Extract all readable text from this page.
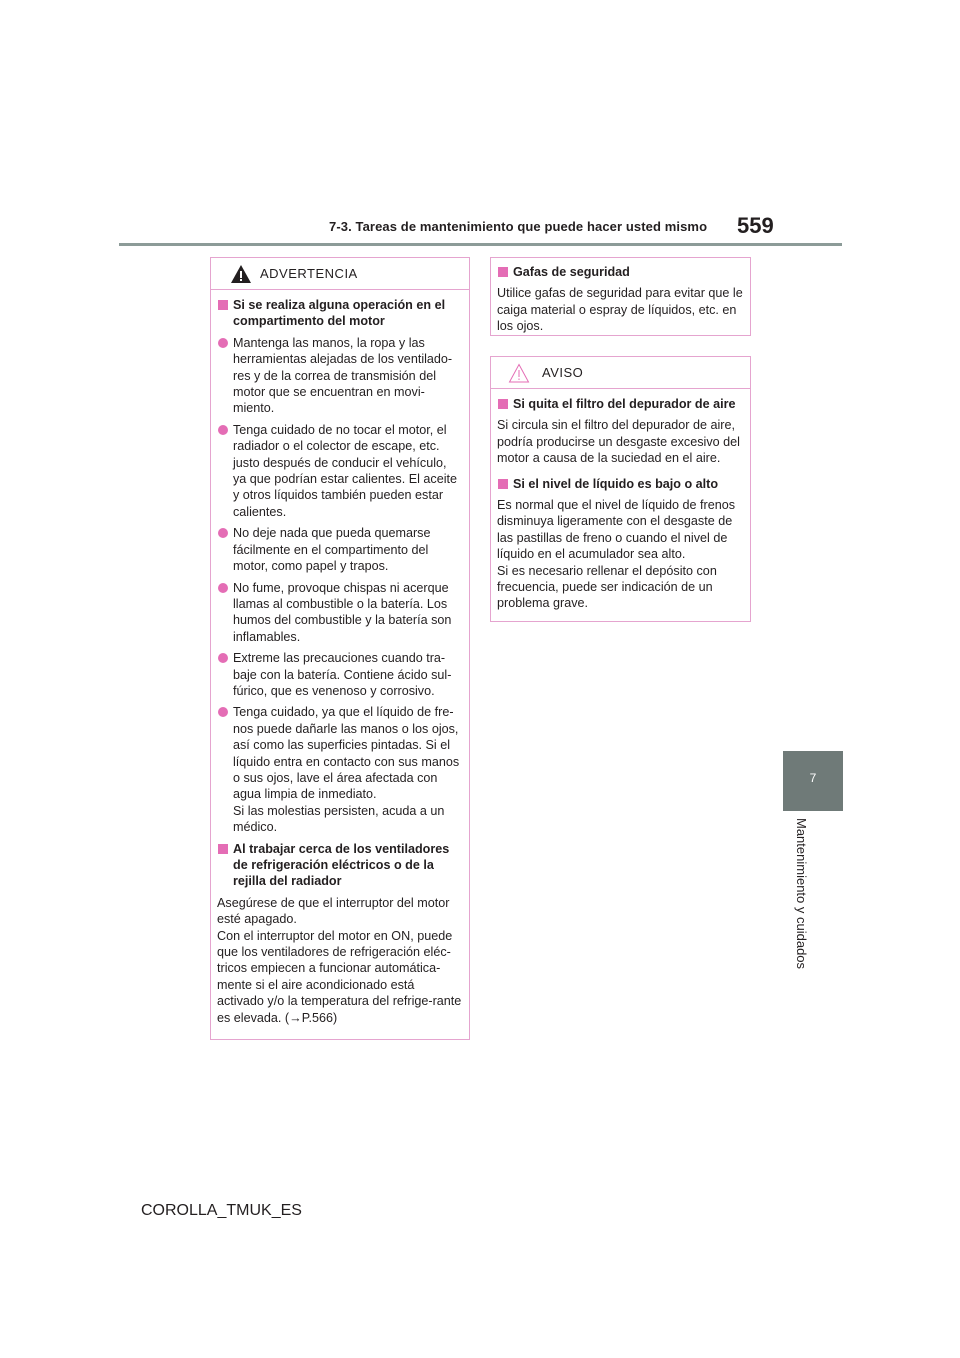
7-3. Tareas de mantenimiento que puede hacer usted mismo 559
7
Mantenimiento y cuidados
ADVERTENCIA
Si se realiza alguna operación en el compartimento del motor
Mantenga las manos, la ropa y las herramientas alejadas de los ventilado-res y de la correa de transmisión del motor que se encuentran en movi-miento.
Tenga cuidado de no tocar el motor, el radiador o el colector de escape, etc. justo después de conducir el vehículo, ya que podrían estar calientes. El aceite y otros líquidos también pueden estar calientes.
No deje nada que pueda quemarse fácilmente en el compartimento del motor, como papel y trapos.
No fume, provoque chispas ni acerque llamas al combustible o la batería. Los humos del combustible y la batería son inflamables.
Extreme las precauciones cuando tra-baje con la batería. Contiene ácido sul-fúrico, que es venenoso y corrosivo.
Tenga cuidado, ya que el líquido de fre-nos puede dañarle las manos o los ojos, así como las superficies pintadas. Si el líquido entra en contacto con sus manos o sus ojos, lave el área afectada con agua limpia de inmediato.
Si las molestias persisten, acuda a un médico.
Al trabajar cerca de los ventiladores de refrigeración eléctricos o de la rejilla del radiador
Asegúrese de que el interruptor del motor esté apagado.
Con el interruptor del motor en ON, puede que los ventiladores de refrigeración eléc-tricos empiecen a funcionar automática-mente si el aire acondicionado está activado y/o la temperatura del refrige-rante es elevada. (→P.566)
Gafas de seguridad
Utilice gafas de seguridad para evitar que le caiga material o espray de líquidos, etc. en los ojos.
AVISO
Si quita el filtro del depurador de aire
Si circula sin el filtro del depurador de aire, podría producirse un desgaste excesivo del motor a causa de la suciedad en el aire.
Si el nivel de líquido es bajo o alto
Es normal que el nivel de líquido de frenos disminuya ligeramente con el desgaste de las pastillas de freno o cuando el nivel de líquido en el acumulador sea alto.
Si es necesario rellenar el depósito con frecuencia, puede ser indicación de un problema grave.
COROLLA_TMUK_ES
